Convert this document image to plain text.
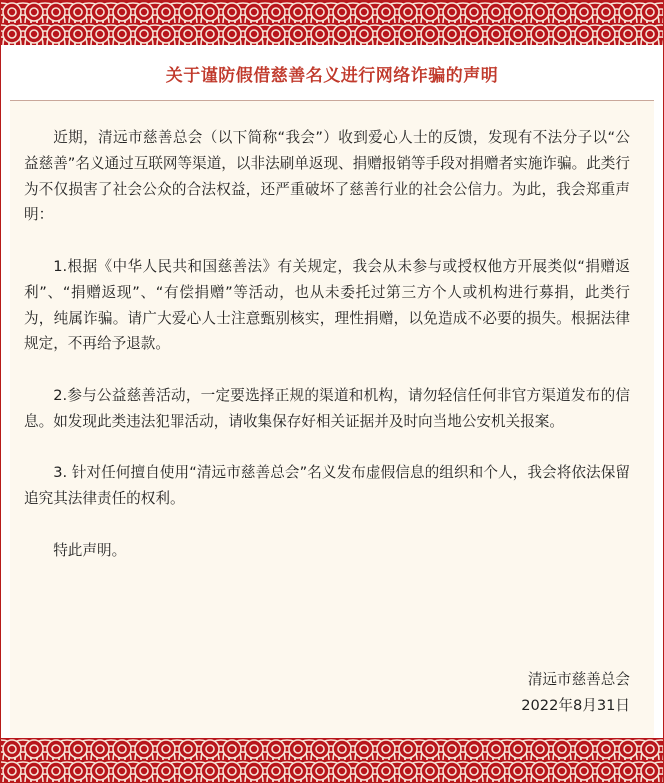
关于谨防假借慈善名义进行网络诈骗的声明

近期，清远市慈善总会（以下简称“我会”）收到爱心人士的反馈，发现有不法分子以“公益慈善”名义通过互联网等渠道，以非法刷单返现、捐赠报销等手段对捐赠者实施诈骗。此类行为不仅损害了社会公众的合法权益，还严重破坏了慈善行业的社会公信力。为此，我会郑重声明：

1.根据《中华人民共和国慈善法》有关规定，我会从未参与或授权他方开展类似“捐赠返利”、“捐赠返现”、“有偿捐赠”等活动，也从未委托过第三方个人或机构进行募捐，此类行为，纯属诈骗。请广大爱心人士注意甄别核实，理性捐赠，以免造成不必要的损失。根据法律规定，不再给予退款。

2.参与公益慈善活动，一定要选择正规的渠道和机构，请勿轻信任何非官方渠道发布的信息。如发现此类违法犯罪活动，请收集保存好相关证据并及时向当地公安机关报案。

3. 针对任何擅自使用“清远市慈善总会”名义发布虚假信息的组织和个人，我会将依法保留追究其法律责任的权利。

特此声明。

清远市慈善总会
2022年8月31日
